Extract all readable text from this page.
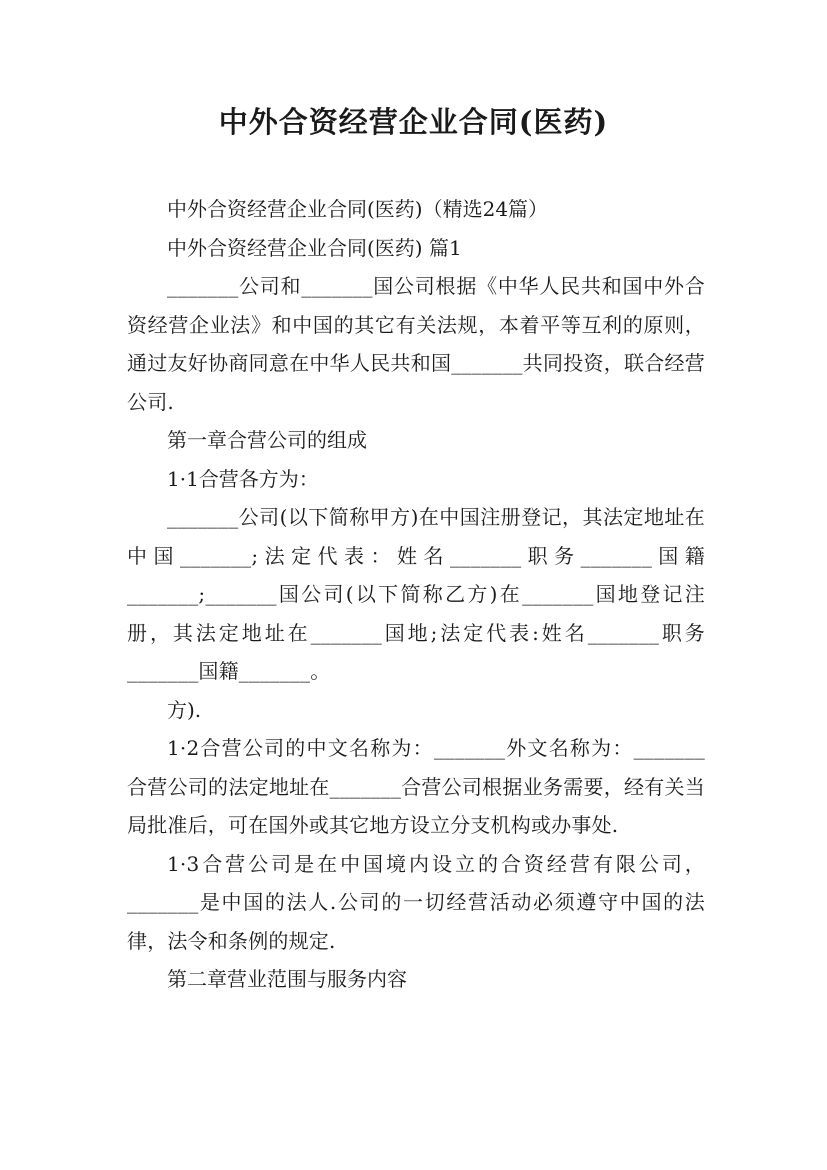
中外合资经营企业合同(医药)

中外合资经营企业合同(医药)（精选24篇）

中外合资经营企业合同(医药) 篇1

_______公司和_______国公司根据《中华人民共和国中外合资经营企业法》和中国的其它有关法规，本着平等互利的原则，通过友好协商同意在中华人民共和国_______共同投资，联合经营公司.

第一章合营公司的组成

1·1合营各方为：

_______公司(以下简称甲方)在中国注册登记，其法定地址在中国_______;法定代表：姓名_______职务_______国籍_______;_______国公司(以下简称乙方)在_______国地登记注册，其法定地址在_______国地;法定代表:姓名_______职务_______国籍_______。

方).

1·2合营公司的中文名称为：_______外文名称为：_______合营公司的法定地址在_______合营公司根据业务需要，经有关当局批准后，可在国外或其它地方设立分支机构或办事处.

1·3合营公司是在中国境内设立的合资经营有限公司，_______是中国的法人.公司的一切经营活动必须遵守中国的法律，法令和条例的规定.

第二章营业范围与服务内容
